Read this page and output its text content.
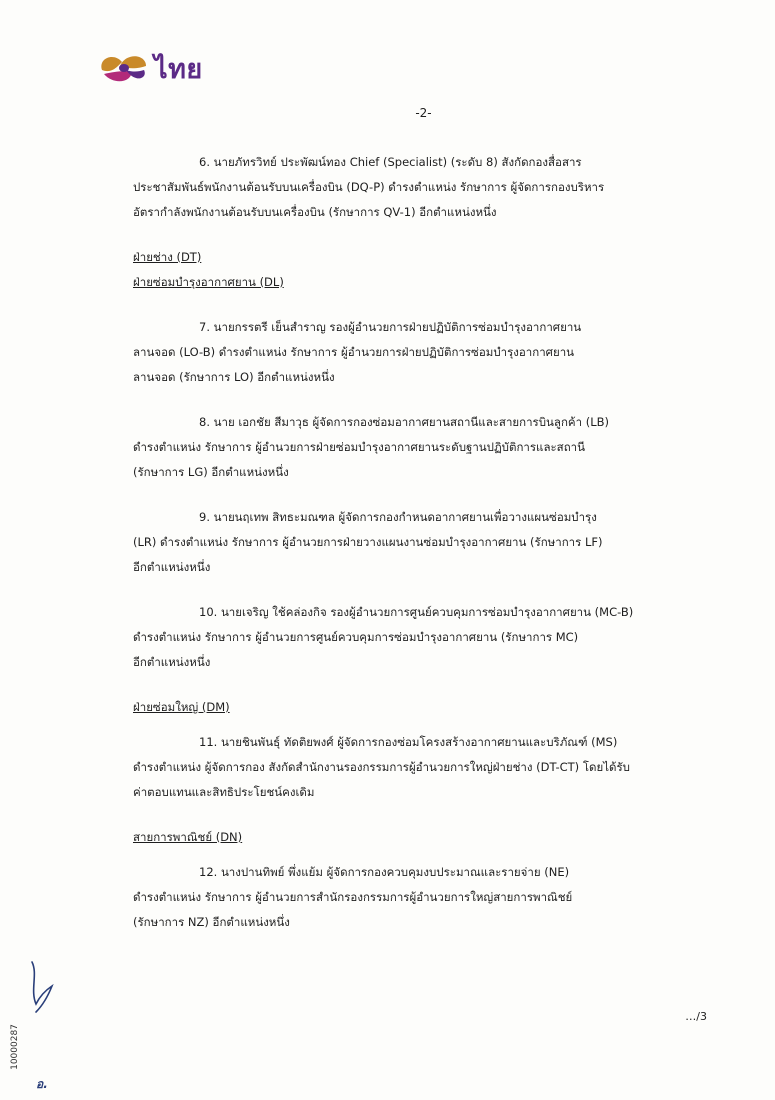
ไทย
-2-
6. นายภัทรวิทย์ ประพัฒน์ทอง Chief (Specialist) (ระดับ 8) สังกัดกองสื่อสาร
ประชาสัมพันธ์พนักงานต้อนรับบนเครื่องบิน (DQ-P) ดำรงตำแหน่ง รักษาการ ผู้จัดการกองบริหาร
อัตรากำลังพนักงานต้อนรับบนเครื่องบิน (รักษาการ QV-1) อีกตำแหน่งหนึ่ง
ฝ่ายช่าง (DT)
ฝ่ายซ่อมบำรุงอากาศยาน (DL)
7. นายกรรตรี เย็นสำราญ รองผู้อำนวยการฝ่ายปฏิบัติการซ่อมบำรุงอากาศยาน
ลานจอด (LO-B) ดำรงตำแหน่ง รักษาการ ผู้อำนวยการฝ่ายปฏิบัติการซ่อมบำรุงอากาศยาน
ลานจอด (รักษาการ LO) อีกตำแหน่งหนึ่ง
8. นาย เอกชัย สีมาวุธ ผู้จัดการกองซ่อมอากาศยานสถานีและสายการบินลูกค้า (LB)
ดำรงตำแหน่ง รักษาการ ผู้อำนวยการฝ่ายซ่อมบำรุงอากาศยานระดับฐานปฏิบัติการและสถานี
(รักษาการ LG) อีกตำแหน่งหนึ่ง
9. นายนฤเทพ สิทธะมณฑล ผู้จัดการกองกำหนดอากาศยานเพื่อวางแผนซ่อมบำรุง
(LR) ดำรงตำแหน่ง รักษาการ ผู้อำนวยการฝ่ายวางแผนงานซ่อมบำรุงอากาศยาน (รักษาการ LF)
อีกตำแหน่งหนึ่ง
10. นายเจริญ ใช้คล่องกิจ รองผู้อำนวยการศูนย์ควบคุมการซ่อมบำรุงอากาศยาน (MC-B)
ดำรงตำแหน่ง รักษาการ ผู้อำนวยการศูนย์ควบคุมการซ่อมบำรุงอากาศยาน (รักษาการ MC)
อีกตำแหน่งหนึ่ง
ฝ่ายซ่อมใหญ่ (DM)
11. นายชินพันธุ์ ทัดติยพงศ์ ผู้จัดการกองซ่อมโครงสร้างอากาศยานและบริภัณฑ์ (MS)
ดำรงตำแหน่ง ผู้จัดการกอง สังกัดสำนักงานรองกรรมการผู้อำนวยการใหญ่ฝ่ายช่าง (DT-CT) โดยได้รับ
ค่าตอบแทนและสิทธิประโยชน์คงเดิม
สายการพาณิชย์ (DN)
12. นางปานทิพย์ พึ่งแย้ม ผู้จัดการกองควบคุมงบประมาณและรายจ่าย (NE)
ดำรงตำแหน่ง รักษาการ ผู้อำนวยการสำนักรองกรรมการผู้อำนวยการใหญ่สายการพาณิชย์
(รักษาการ NZ) อีกตำแหน่งหนึ่ง
10000287
อ.
…/3
